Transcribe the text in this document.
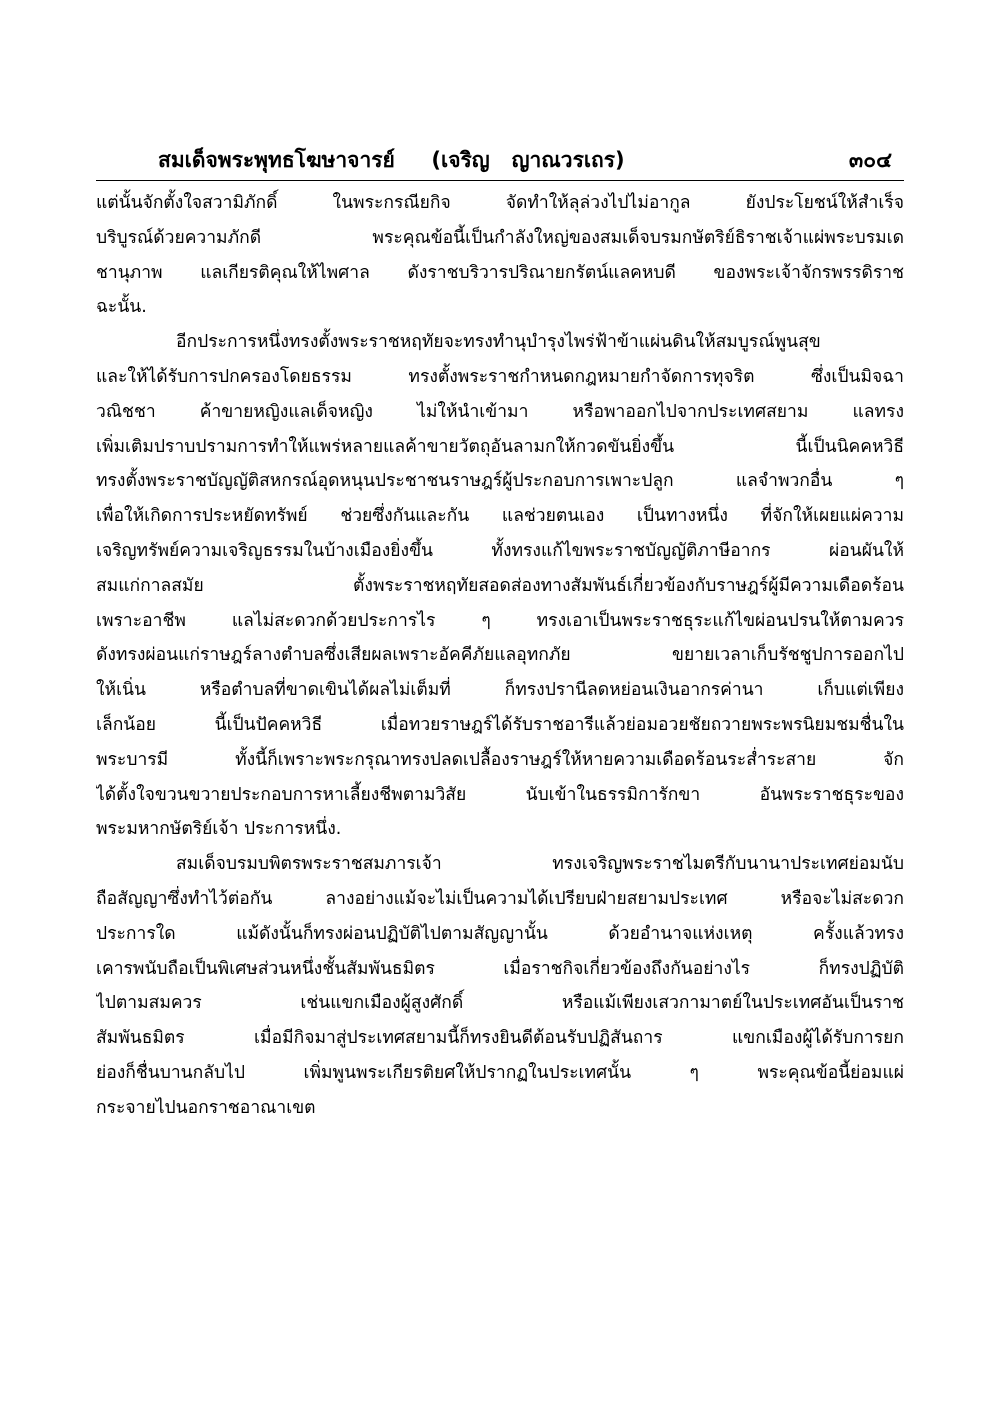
สมเด็จพระพุทธโฆษาจารย์     (เจริญ   ญาณวรเถร)	๓๐๔
แต่นั้นจักตั้งใจสวามิภักดิ์ ในพระกรณียกิจ จัดทำให้ลุล่วงไปไม่อากูล ยังประโยชน์ให้สำเร็จ
บริบูรณ์ด้วยความภักดี พระคุณข้อนี้เป็นกำลังใหญ่ของสมเด็จบรมกษัตริย์ธิราชเจ้าแผ่พระบรมเด
ชานุภาพ แลเกียรติคุณให้ไพศาล ดังราชบริวารปริณายกรัตน์แลคหบดี ของพระเจ้าจักรพรรดิราช
ฉะนั้น.
อีกประการหนึ่งทรงตั้งพระราชหฤทัยจะทรงทำนุบำรุงไพร่ฟ้าข้าแผ่นดินให้สมบูรณ์พูนสุข
และให้ได้รับการปกครองโดยธรรม ทรงตั้งพระราชกำหนดกฎหมายกำจัดการทุจริต ซึ่งเป็นมิจฉา
วณิชชา ค้าขายหญิงแลเด็จหญิง ไม่ให้นำเข้ามา หรือพาออกไปจากประเทศสยาม แลทรง
เพิ่มเติมปราบปรามการทำให้แพร่หลายแลค้าขายวัตถุอันลามกให้กวดขันยิ่งขึ้น นี้เป็นนิคคหวิธี
ทรงตั้งพระราชบัญญัติสหกรณ์อุดหนุนประชาชนราษฎร์ผู้ประกอบการเพาะปลูก แลจำพวกอื่น ๆ
เพื่อให้เกิดการประหยัดทรัพย์ ช่วยซึ่งกันและกัน แลช่วยตนเอง เป็นทางหนึ่ง ที่จักให้เผยแผ่ความ
เจริญทรัพย์ความเจริญธรรมในบ้างเมืองยิ่งขึ้น ทั้งทรงแก้ไขพระราชบัญญัติภาษีอากร ผ่อนผันให้
สมแก่กาลสมัย ตั้งพระราชหฤทัยสอดส่องทางสัมพันธ์เกี่ยวข้องกับราษฎร์ผู้มีความเดือดร้อน
เพราะอาชีพ แลไม่สะดวกด้วยประการไร ๆ ทรงเอาเป็นพระราชธุระแก้ไขผ่อนปรนให้ตามควร
ดังทรงผ่อนแก่ราษฎร์ลางตำบลซึ่งเสียผลเพราะอัคคีภัยแลอุทกภัย ขยายเวลาเก็บรัชชูปการออกไป
ให้เนิ่น หรือตำบลที่ขาดเขินได้ผลไม่เต็มที่ ก็ทรงปรานีลดหย่อนเงินอากรค่านา เก็บแต่เพียง
เล็กน้อย นี้เป็นปัคคหวิธี เมื่อทวยราษฎร์ได้รับราชอารีแล้วย่อมอวยชัยถวายพระพรนิยมชมชื่นใน
พระบารมี ทั้งนี้ก็เพราะพระกรุณาทรงปลดเปลื้องราษฎร์ให้หายความเดือดร้อนระส่ำระสาย จัก
ได้ตั้งใจขวนขวายประกอบการหาเลี้ยงชีพตามวิสัย นับเข้าในธรรมิการักขา อันพระราชธุระของ
พระมหากษัตริย์เจ้า ประการหนึ่ง.
สมเด็จบรมบพิตรพระราชสมภารเจ้า ทรงเจริญพระราชไมตรีกับนานาประเทศย่อมนับ
ถือสัญญาซึ่งทำไว้ต่อกัน ลางอย่างแม้จะไม่เป็นความได้เปรียบฝ่ายสยามประเทศ หรือจะไม่สะดวก
ประการใด แม้ดังนั้นก็ทรงผ่อนปฏิบัติไปตามสัญญานั้น ด้วยอำนาจแห่งเหตุ ครั้งแล้วทรง
เคารพนับถือเป็นพิเศษส่วนหนึ่งชั้นสัมพันธมิตร เมื่อราชกิจเกี่ยวข้องถึงกันอย่างไร ก็ทรงปฏิบัติ
ไปตามสมควร เช่นแขกเมืองผู้สูงศักดิ์ หรือแม้เพียงเสวกามาตย์ในประเทศอันเป็นราช
สัมพันธมิตร เมื่อมีกิจมาสู่ประเทศสยามนี้ก็ทรงยินดีต้อนรับปฏิสันถาร แขกเมืองผู้ได้รับการยก
ย่องก็ชื่นบานกลับไป เพิ่มพูนพระเกียรติยศให้ปรากฏในประเทศนั้น ๆ พระคุณข้อนี้ย่อมแผ่
กระจายไปนอกราชอาณาเขต
